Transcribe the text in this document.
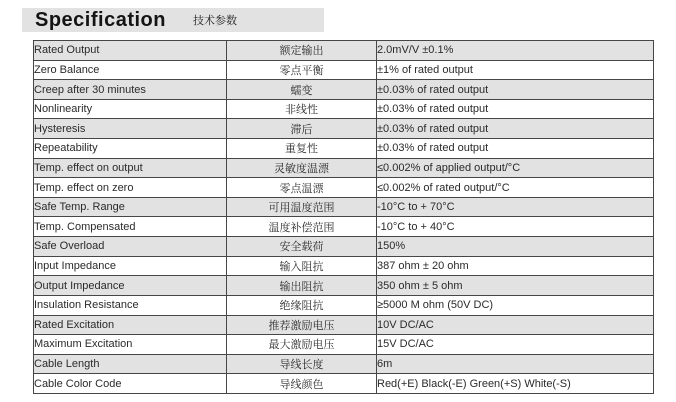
Specification 技术参数
Rated Output	额定输出	2.0mV/V ±0.1%
Zero Balance	零点平衡	±1% of rated output
Creep after 30 minutes	蠕变	±0.03% of rated output
Nonlinearity	非线性	±0.03% of rated output
Hysteresis	滞后	±0.03% of rated output
Repeatability	重复性	±0.03% of rated output
Temp. effect on output	灵敏度温漂	≤0.002% of applied output/°C
Temp. effect on zero	零点温漂	≤0.002% of rated output/°C
Safe Temp. Range	可用温度范围	-10°C to + 70°C
Temp. Compensated	温度补偿范围	-10°C to + 40°C
Safe Overload	安全载荷	150%
Input Impedance	输入阻抗	387 ohm ± 20 ohm
Output Impedance	输出阻抗	350 ohm ± 5 ohm
Insulation Resistance	绝缘阻抗	≥5000 M ohm (50V DC)
Rated Excitation	推荐激励电压	10V DC/AC
Maximum Excitation	最大激励电压	15V DC/AC
Cable Length	导线长度	6m
Cable Color Code	导线颜色	Red(+E) Black(-E) Green(+S) White(-S)
